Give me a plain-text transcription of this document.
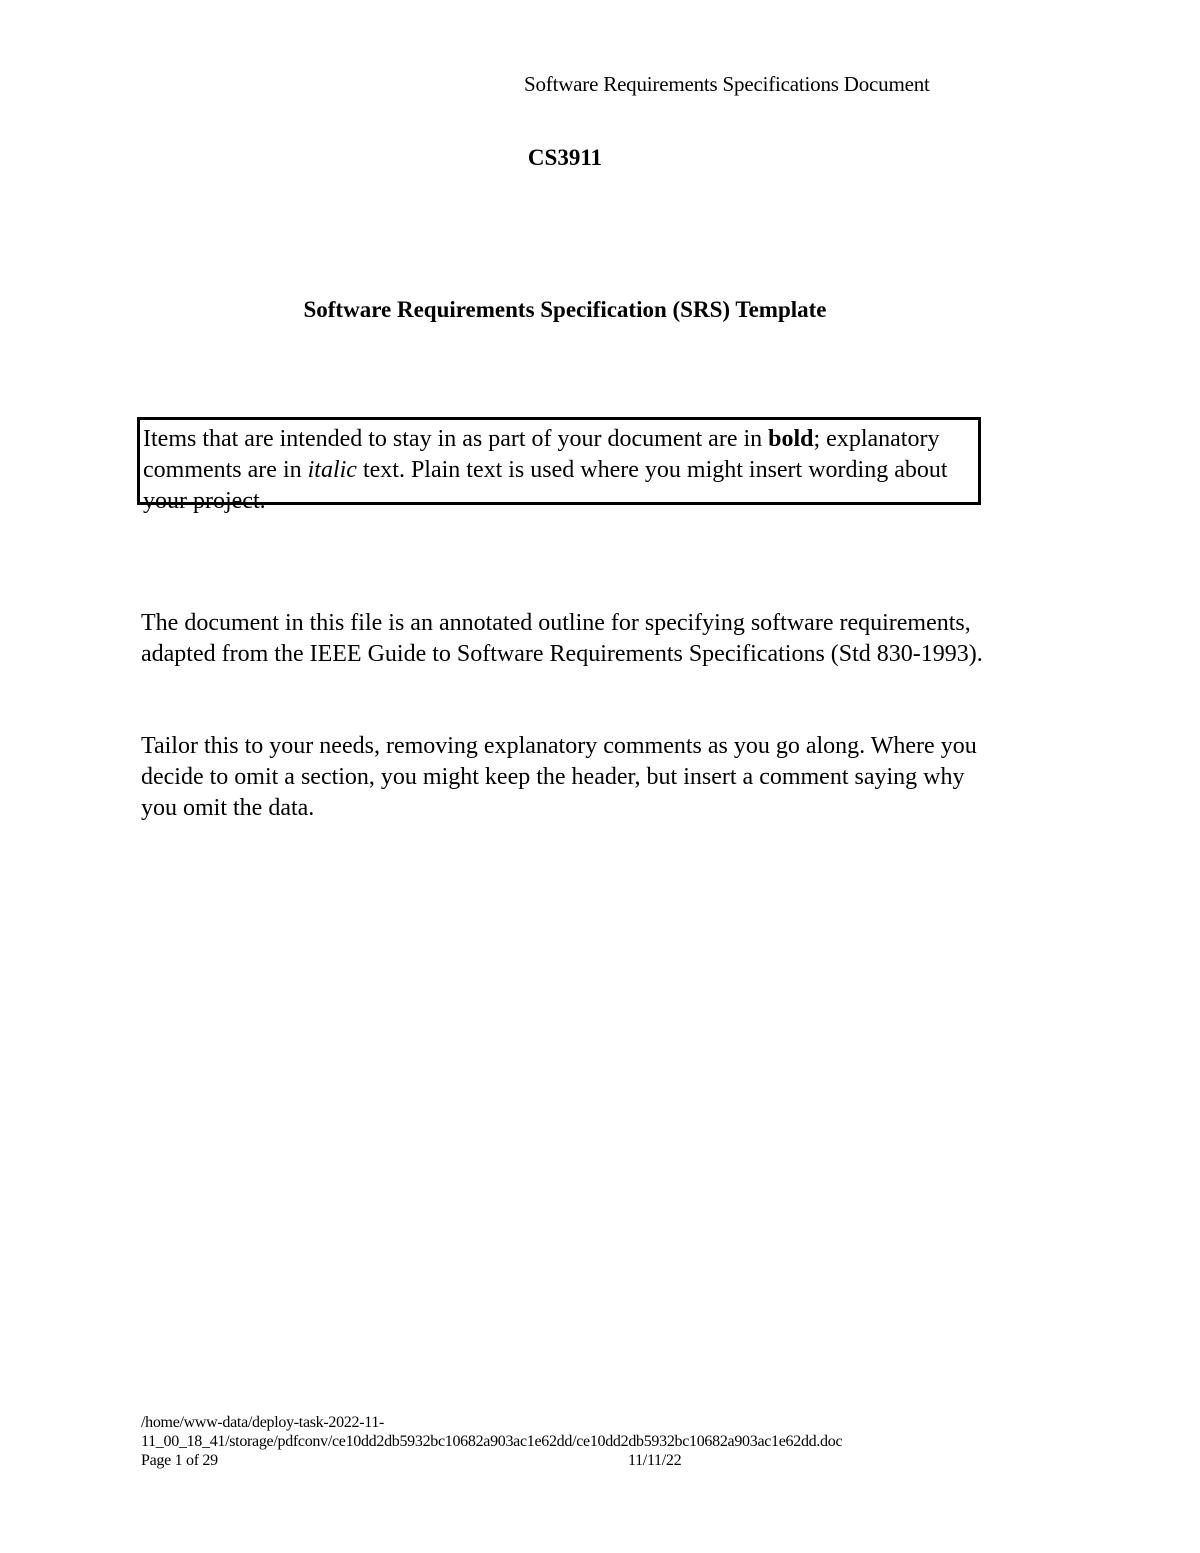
Software Requirements Specifications Document
CS3911
Software Requirements Specification (SRS) Template
Items that are intended to stay in as part of your document are in bold; explanatory comments are in italic text. Plain text is used where you might insert wording about your project.
The document in this file is an annotated outline for specifying software requirements, adapted from the IEEE Guide to Software Requirements Specifications (Std 830-1993).
Tailor this to your needs, removing explanatory comments as you go along. Where you decide to omit a section, you might keep the header, but insert a comment saying why you omit the data.
/home/www-data/deploy-task-2022-11-
11_00_18_41/storage/pdfconv/ce10dd2db5932bc10682a903ac1e62dd/ce10dd2db5932bc10682a903ac1e62dd.doc
Page 1 of 29	11/11/22
